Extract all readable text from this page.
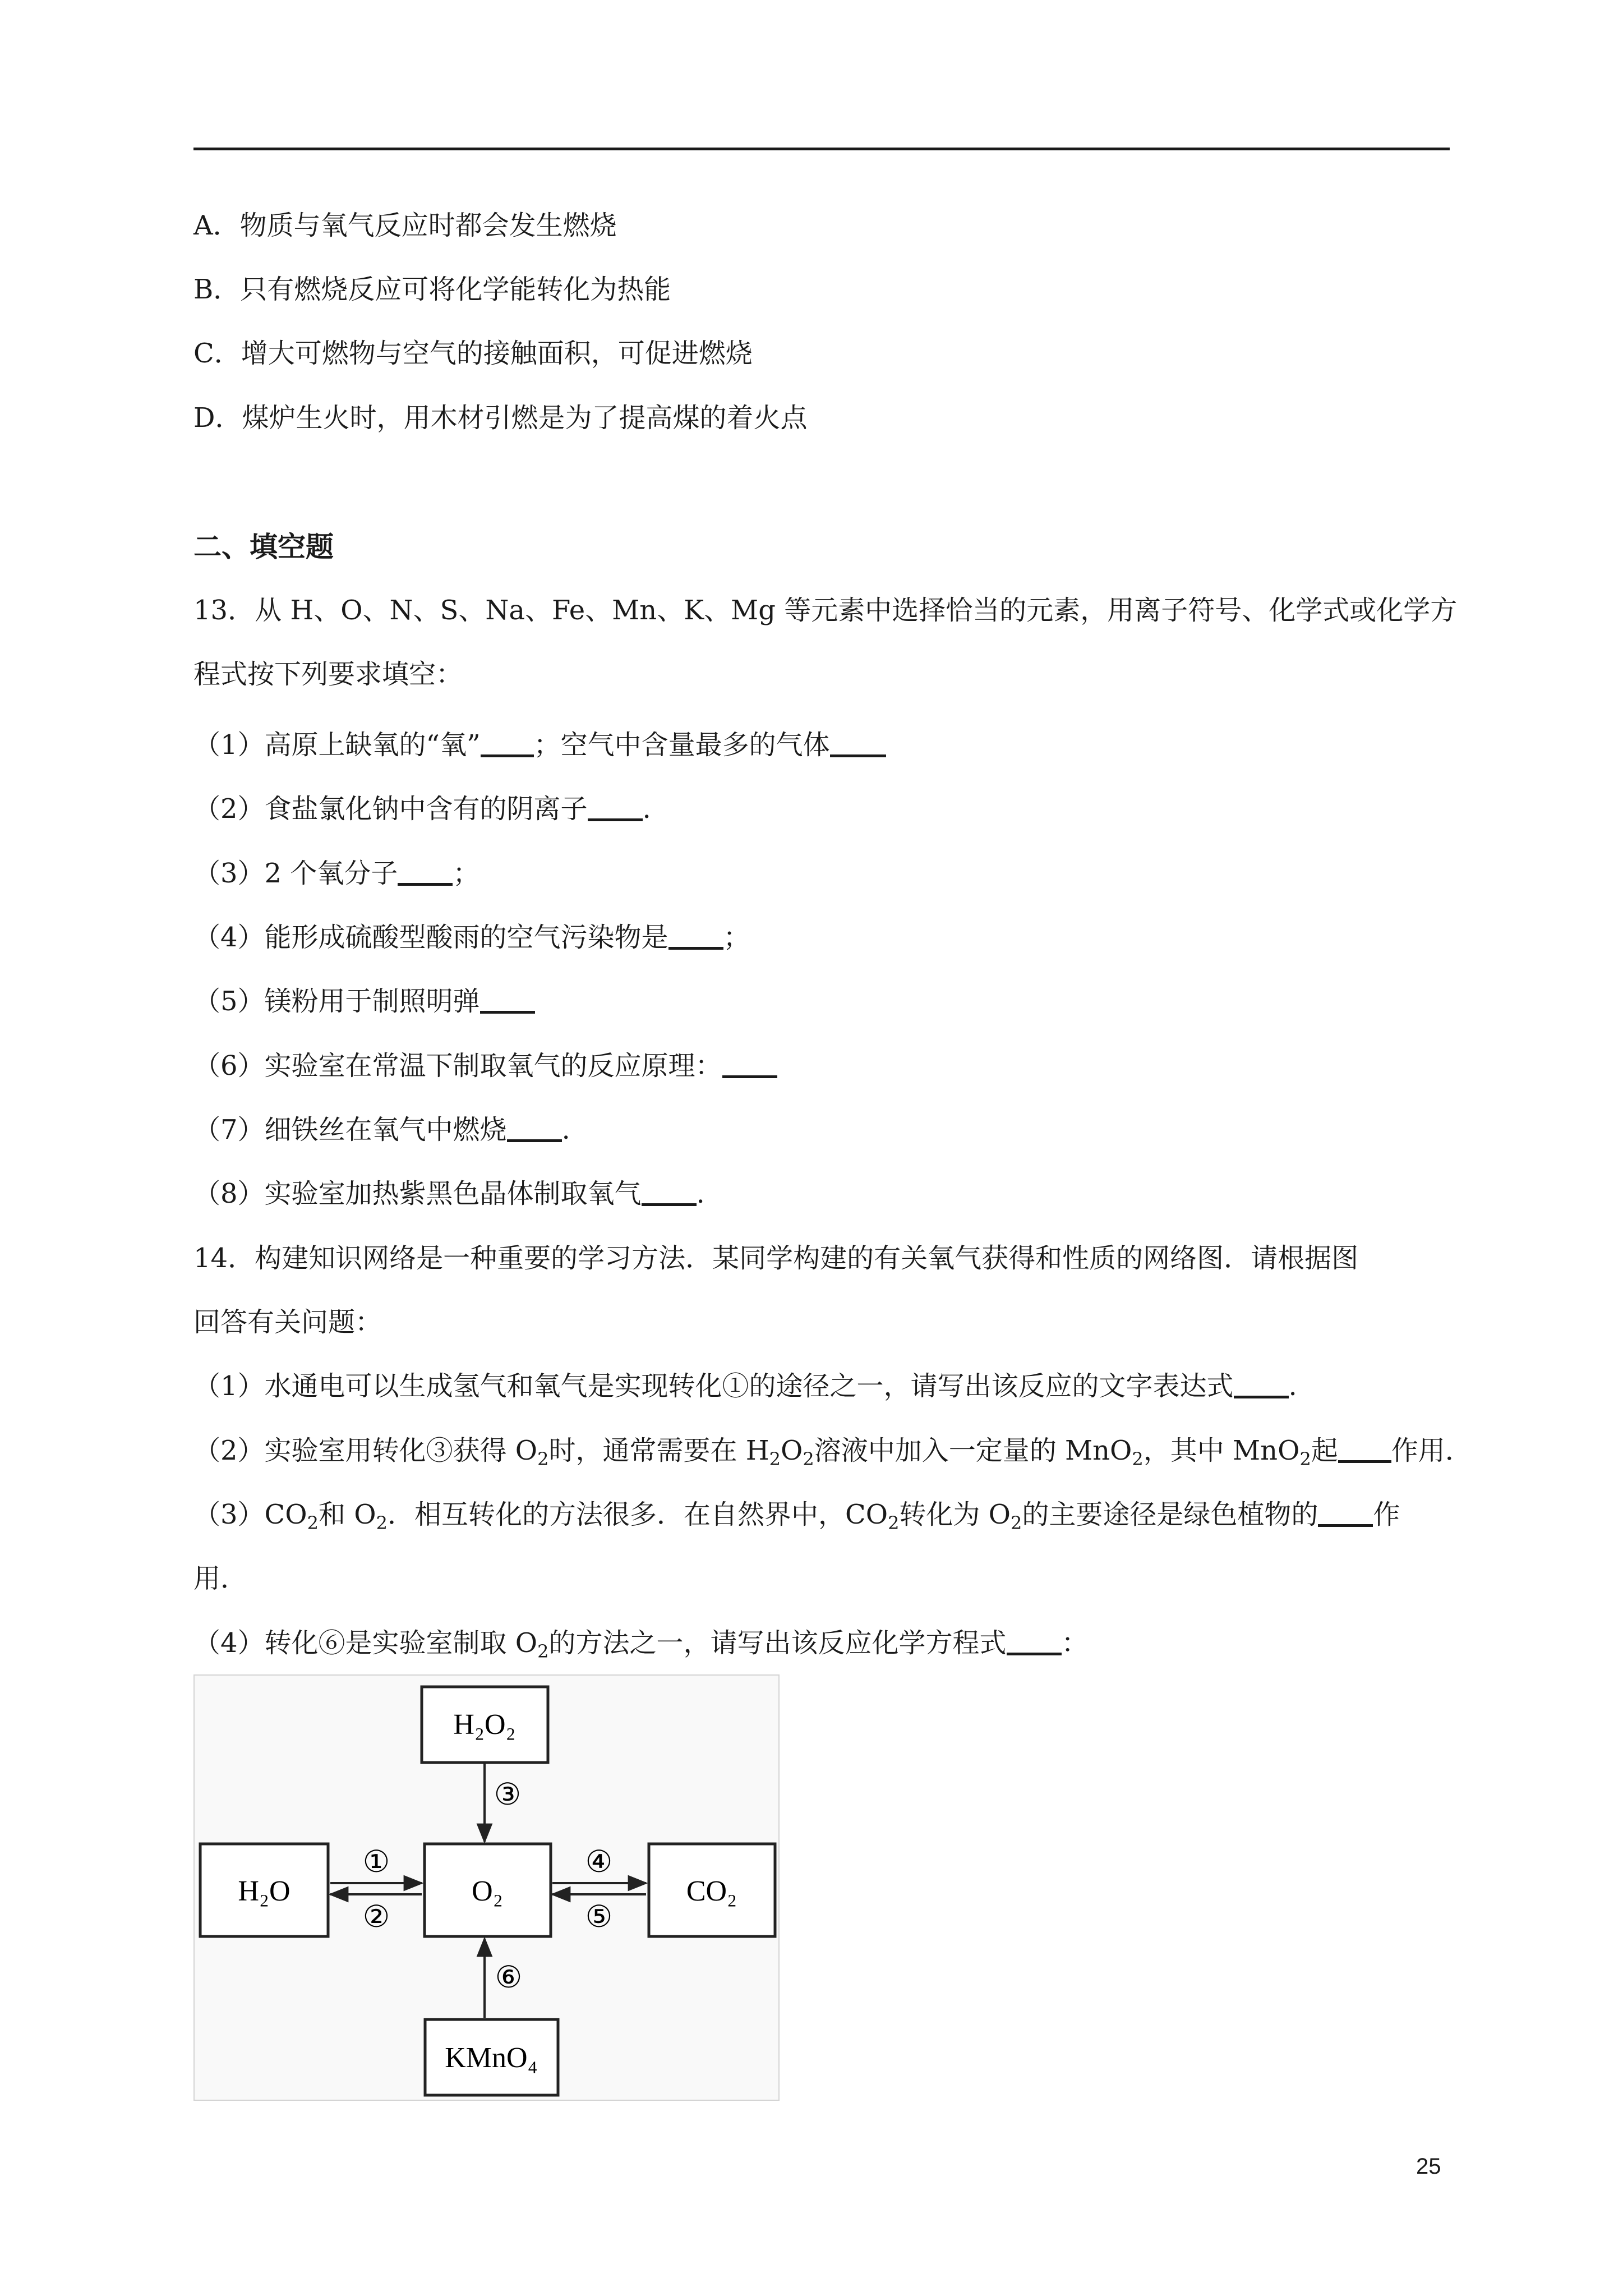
A．物质与氧气反应时都会发生燃烧
B．只有燃烧反应可将化学能转化为热能
C．增大可燃物与空气的接触面积，可促进燃烧
D．煤炉生火时，用木材引燃是为了提高煤的着火点
二、填空题
13．从 H、O、N、S、Na、Fe、Mn、K、Mg 等元素中选择恰当的元素，用离子符号、化学式或化学方
程式按下列要求填空：
（1）高原上缺氧的“氧” ；空气中含量最多的气体
（2）食盐氯化钠中含有的阴离子 .
（3）2 个氧分子 ；
（4）能形成硫酸型酸雨的空气污染物是 ；
（5）镁粉用于制照明弹
（6）实验室在常温下制取氧气的反应原理：
（7）细铁丝在氧气中燃烧 .
（8）实验室加热紫黑色晶体制取氧气 .
14．构建知识网络是一种重要的学习方法．某同学构建的有关氧气获得和性质的网络图．请根据图
回答有关问题：
（1）水通电可以生成氢气和氧气是实现转化①的途径之一，请写出该反应的文字表达式 .
（2）实验室用转化③获得 $O_2$时，通常需要在 $H_2O_2$溶液中加入一定量的 MnO$_2$，其中 MnO$_2$起 作用．
$(3)CO_2$和 $O_2$．相互转化的方法很多．在自然界中，$CO_2$转化为 $O_2$的主要途径是绿色植物的 作
用．
（4）转化⑥是实验室制取 $O_2$的方法之一，请写出该反应化学方程式 ：
H₂O₂
H₂O	O₂	CO₂
KMnO₄
③
①
②
④
⑤
⑥
25
